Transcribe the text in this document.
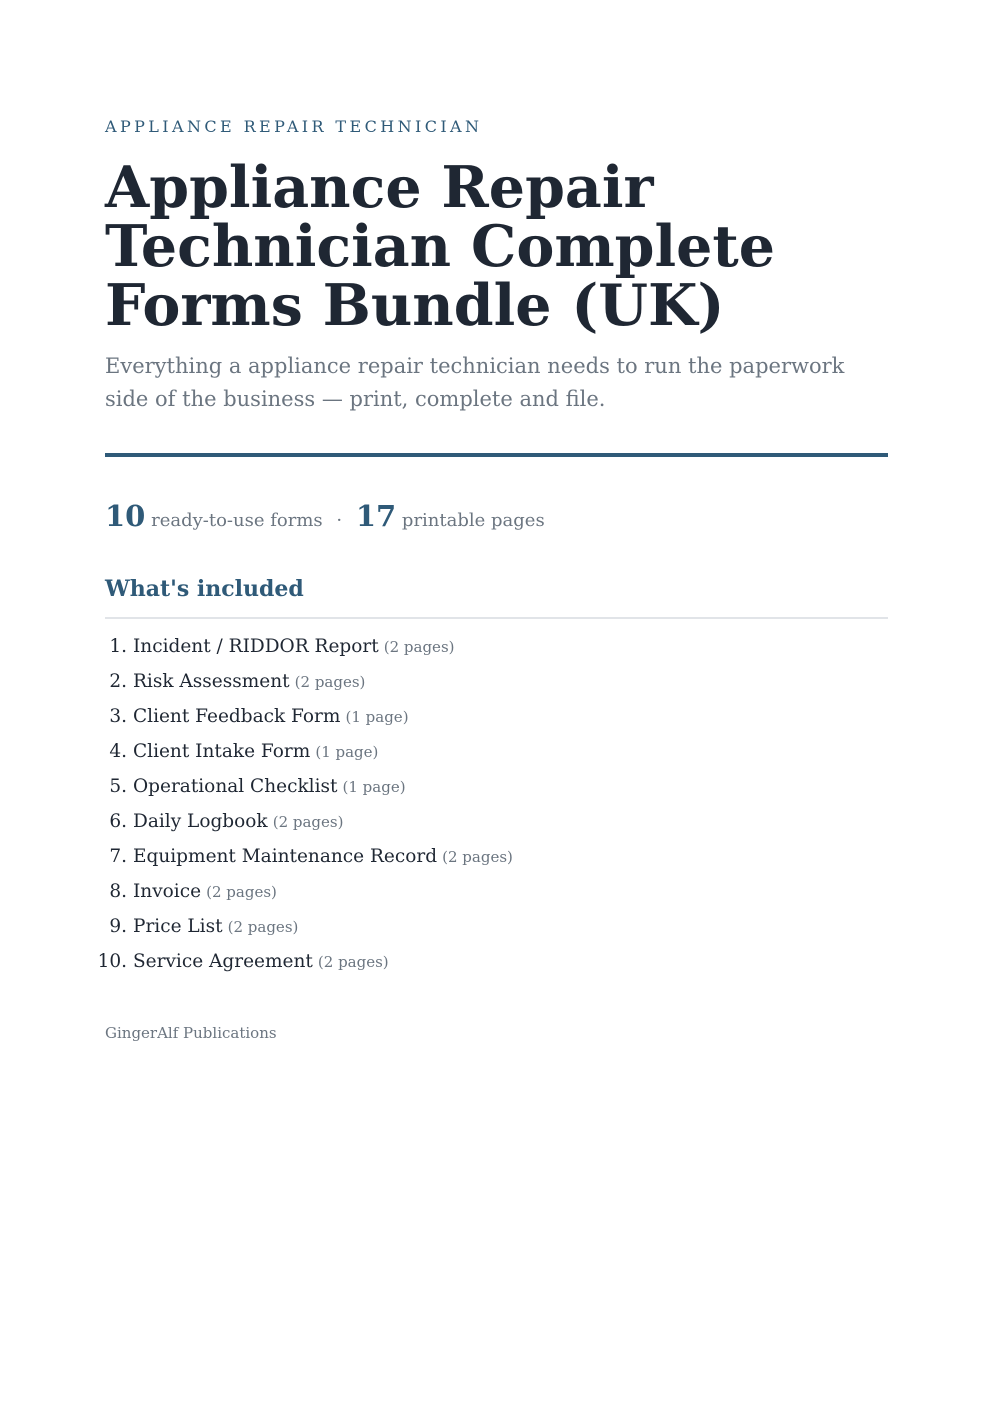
APPLIANCE REPAIR TECHNICIAN
Appliance Repair Technician Complete Forms Bundle (UK)

Everything a appliance repair technician needs to run the paperwork side of the business — print, complete and file.

10 ready-to-use forms · 17 printable pages
What's included
1. Incident / RIDDOR Report (2 pages)
2. Risk Assessment (2 pages)
3. Client Feedback Form (1 page)
4. Client Intake Form (1 page)
5. Operational Checklist (1 page)
6. Daily Logbook (2 pages)
7. Equipment Maintenance Record (2 pages)
8. Invoice (2 pages)
9. Price List (2 pages)
10. Service Agreement (2 pages)
GingerAlf Publications
